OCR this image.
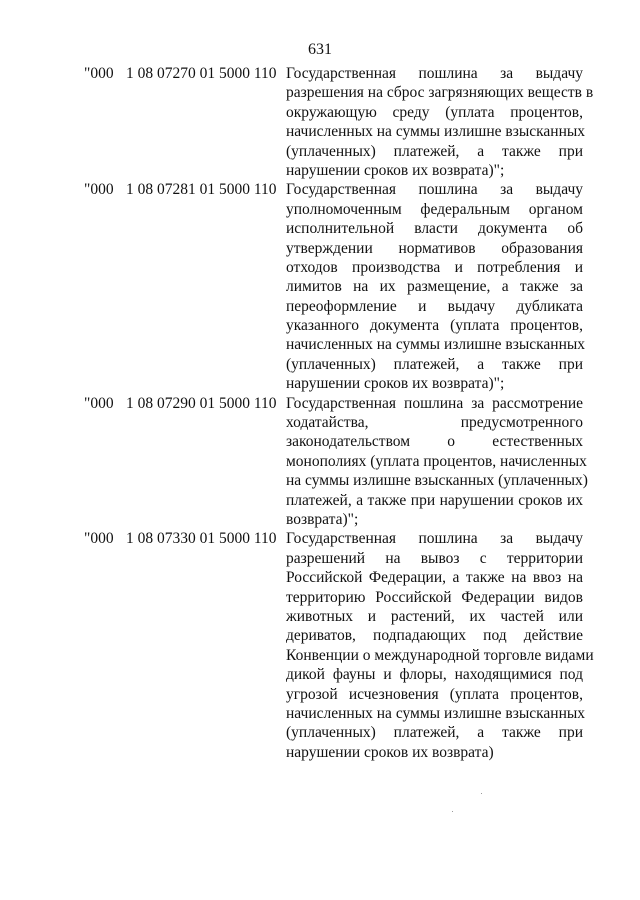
631
"000 1 08 07270 01 5000 110 Государственная пошлина за выдачу
разрешения на сброс загрязняющих веществ в
окружающую среду (уплата процентов,
начисленных на суммы излишне взысканных
(уплаченных) платежей, а также при
нарушении сроков их возврата)";
"000 1 08 07281 01 5000 110 Государственная пошлина за выдачу
уполномоченным федеральным органом
исполнительной власти документа об
утверждении нормативов образования
отходов производства и потребления и
лимитов на их размещение, а также за
переоформление и выдачу дубликата
указанного документа (уплата процентов,
начисленных на суммы излишне взысканных
(уплаченных) платежей, а также при
нарушении сроков их возврата)";
"000 1 08 07290 01 5000 110 Государственная пошлина за рассмотрение
ходатайства, предусмотренного
законодательством о естественных
монополиях (уплата процентов, начисленных
на суммы излишне взысканных (уплаченных)
платежей, а также при нарушении сроков их
возврата)";
"000 1 08 07330 01 5000 110 Государственная пошлина за выдачу
разрешений на вывоз с территории
Российской Федерации, а также на ввоз на
территорию Российской Федерации видов
животных и растений, их частей или
дериватов, подпадающих под действие
Конвенции о международной торговле видами
дикой фауны и флоры, находящимися под
угрозой исчезновения (уплата процентов,
начисленных на суммы излишне взысканных
(уплаченных) платежей, а также при
нарушении сроков их возврата)
